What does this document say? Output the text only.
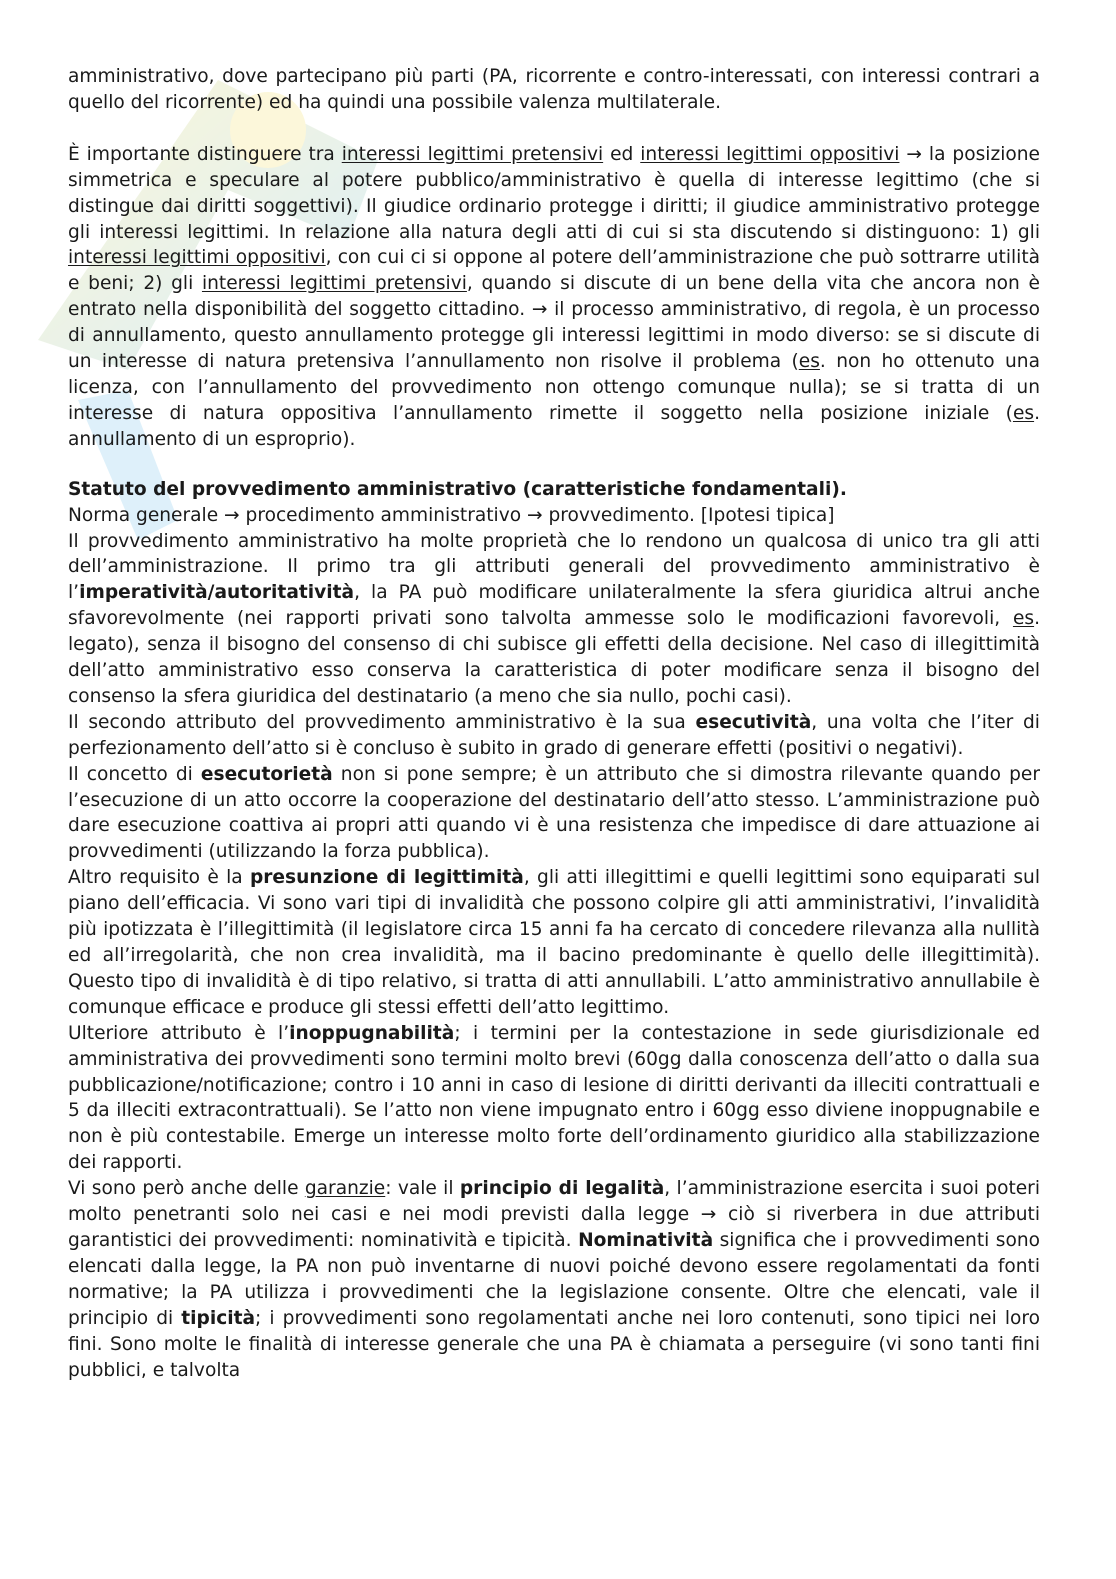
amministrativo, dove partecipano più parti (PA, ricorrente e contro-interessati, con interessi contrari a quello del ricorrente) ed ha quindi una possibile valenza multilaterale.

È importante distinguere tra interessi legittimi pretensivi ed interessi legittimi oppositivi → la posizione simmetrica e speculare al potere pubblico/amministrativo è quella di interesse legittimo (che si distingue dai diritti soggettivi). Il giudice ordinario protegge i diritti; il giudice amministrativo protegge gli interessi legittimi. In relazione alla natura degli atti di cui si sta discutendo si distinguono: 1) gli interessi legittimi oppositivi, con cui ci si oppone al potere dell’amministrazione che può sottrarre utilità e beni; 2) gli interessi legittimi pretensivi, quando si discute di un bene della vita che ancora non è entrato nella disponibilità del soggetto cittadino. → il processo amministrativo, di regola, è un processo di annullamento, questo annullamento protegge gli interessi legittimi in modo diverso: se si discute di un interesse di natura pretensiva l’annullamento non risolve il problema (es. non ho ottenuto una licenza, con l’annullamento del provvedimento non ottengo comunque nulla); se si tratta di un interesse di natura oppositiva l’annullamento rimette il soggetto nella posizione iniziale (es. annullamento di un esproprio).

Statuto del provvedimento amministrativo (caratteristiche fondamentali).

Norma generale → procedimento amministrativo → provvedimento. [Ipotesi tipica]

Il provvedimento amministrativo ha molte proprietà che lo rendono un qualcosa di unico tra gli atti dell’amministrazione. Il primo tra gli attributi generali del provvedimento amministrativo è l’imperatività/autoritatività, la PA può modificare unilateralmente la sfera giuridica altrui anche sfavorevolmente (nei rapporti privati sono talvolta ammesse solo le modificazioni favorevoli, es. legato), senza il bisogno del consenso di chi subisce gli effetti della decisione. Nel caso di illegittimità dell’atto amministrativo esso conserva la caratteristica di poter modificare senza il bisogno del consenso la sfera giuridica del destinatario (a meno che sia nullo, pochi casi).

Il secondo attributo del provvedimento amministrativo è la sua esecutività, una volta che l’iter di perfezionamento dell’atto si è concluso è subito in grado di generare effetti (positivi o negativi).

Il concetto di esecutorietà non si pone sempre; è un attributo che si dimostra rilevante quando per l’esecuzione di un atto occorre la cooperazione del destinatario dell’atto stesso. L’amministrazione può dare esecuzione coattiva ai propri atti quando vi è una resistenza che impedisce di dare attuazione ai provvedimenti (utilizzando la forza pubblica).

Altro requisito è la presunzione di legittimità, gli atti illegittimi e quelli legittimi sono equiparati sul piano dell’efficacia. Vi sono vari tipi di invalidità che possono colpire gli atti amministrativi, l’invalidità più ipotizzata è l’illegittimità (il legislatore circa 15 anni fa ha cercato di concedere rilevanza alla nullità ed all’irregolarità, che non crea invalidità, ma il bacino predominante è quello delle illegittimità). Questo tipo di invalidità è di tipo relativo, si tratta di atti annullabili. L’atto amministrativo annullabile è comunque efficace e produce gli stessi effetti dell’atto legittimo.

Ulteriore attributo è l’inoppugnabilità; i termini per la contestazione in sede giurisdizionale ed amministrativa dei provvedimenti sono termini molto brevi (60gg dalla conoscenza dell’atto o dalla sua pubblicazione/notificazione; contro i 10 anni in caso di lesione di diritti derivanti da illeciti contrattuali e 5 da illeciti extracontrattuali). Se l’atto non viene impugnato entro i 60gg esso diviene inoppugnabile e non è più contestabile. Emerge un interesse molto forte dell’ordinamento giuridico alla stabilizzazione dei rapporti.

Vi sono però anche delle garanzie: vale il principio di legalità, l’amministrazione esercita i suoi poteri molto penetranti solo nei casi e nei modi previsti dalla legge → ciò si riverbera in due attributi garantistici dei provvedimenti: nominatività e tipicità. Nominatività significa che i provvedimenti sono elencati dalla legge, la PA non può inventarne di nuovi poiché devono essere regolamentati da fonti normative; la PA utilizza i provvedimenti che la legislazione consente. Oltre che elencati, vale il principio di tipicità; i provvedimenti sono regolamentati anche nei loro contenuti, sono tipici nei loro fini. Sono molte le finalità di interesse generale che una PA è chiamata a perseguire (vi sono tanti fini pubblici, e talvolta
